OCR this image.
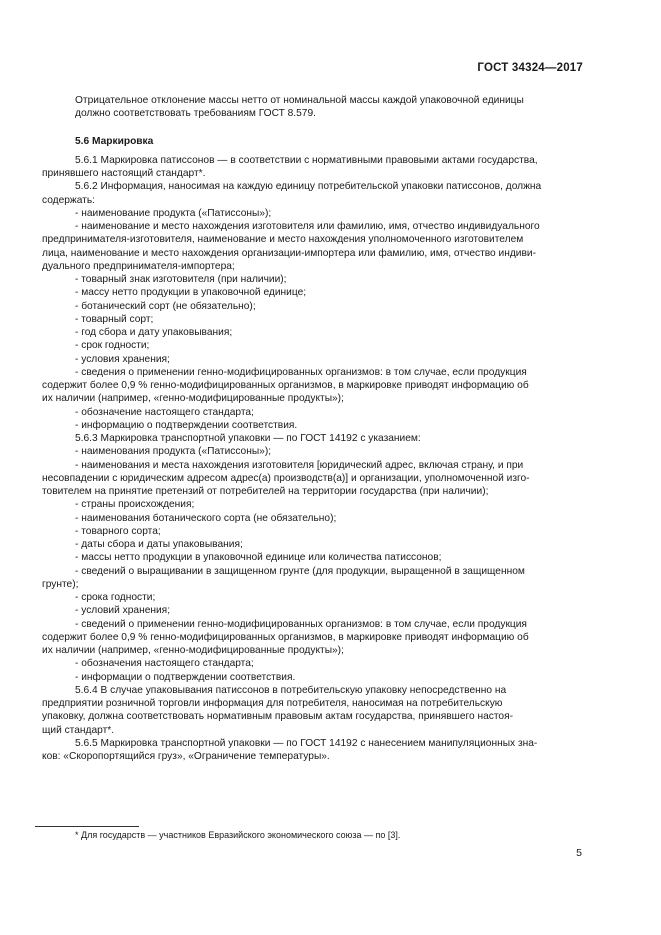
ГОСТ 34324—2017
Отрицательное отклонение массы нетто от номинальной массы каждой упаковочной единицы
должно соответствовать требованиям ГОСТ 8.579.
5.6 Маркировка
5.6.1 Маркировка патиссонов — в соответствии с нормативными правовыми актами государства,
принявшего настоящий стандарт*.
5.6.2 Информация, наносимая на каждую единицу потребительской упаковки патиссонов, должна
содержать:
- наименование продукта («Патиссоны»);
- наименование и место нахождения изготовителя или фамилию, имя, отчество индивидуального
предпринимателя-изготовителя, наименование и место нахождения уполномоченного изготовителем
лица, наименование и место нахождения организации-импортера или фамилию, имя, отчество индиви-
дуального предпринимателя-импортера;
- товарный знак изготовителя (при наличии);
- массу нетто продукции в упаковочной единице;
- ботанический сорт (не обязательно);
- товарный сорт;
- год сбора и дату упаковывания;
- срок годности;
- условия хранения;
- сведения о применении генно-модифицированных организмов: в том случае, если продукция
содержит более 0,9 % генно-модифицированных организмов, в маркировке приводят информацию об
их наличии (например, «генно-модифицированные продукты»);
- обозначение настоящего стандарта;
- информацию о подтверждении соответствия.
5.6.3 Маркировка транспортной упаковки — по ГОСТ 14192 с указанием:
- наименования продукта («Патиссоны»);
- наименования и места нахождения изготовителя [юридический адрес, включая страну, и при
несовпадении с юридическим адресом адрес(а) производств(а)] и организации, уполномоченной изго-
товителем на принятие претензий от потребителей на территории государства (при наличии);
- страны происхождения;
- наименования ботанического сорта (не обязательно);
- товарного сорта;
- даты сбора и даты упаковывания;
- массы нетто продукции в упаковочной единице или количества патиссонов;
- сведений о выращивании в защищенном грунте (для продукции, выращенной в защищенном
грунте);
- срока годности;
- условий хранения;
- сведений о применении генно-модифицированных организмов: в том случае, если продукция
содержит более 0,9 % генно-модифицированных организмов, в маркировке приводят информацию об
их наличии (например, «генно-модифицированные продукты»);
- обозначения настоящего стандарта;
- информации о подтверждении соответствия.
5.6.4 В случае упаковывания патиссонов в потребительскую упаковку непосредственно на
предприятии розничной торговли информация для потребителя, наносимая на потребительскую
упаковку, должна соответствовать нормативным правовым актам государства, принявшего настоя-
щий стандарт*.
5.6.5 Маркировка транспортной упаковки — по ГОСТ 14192 с нанесением манипуляционных зна-
ков: «Скоропортящийся груз», «Ограничение температуры».
* Для государств — участников Евразийского экономического союза — по [3].
5
